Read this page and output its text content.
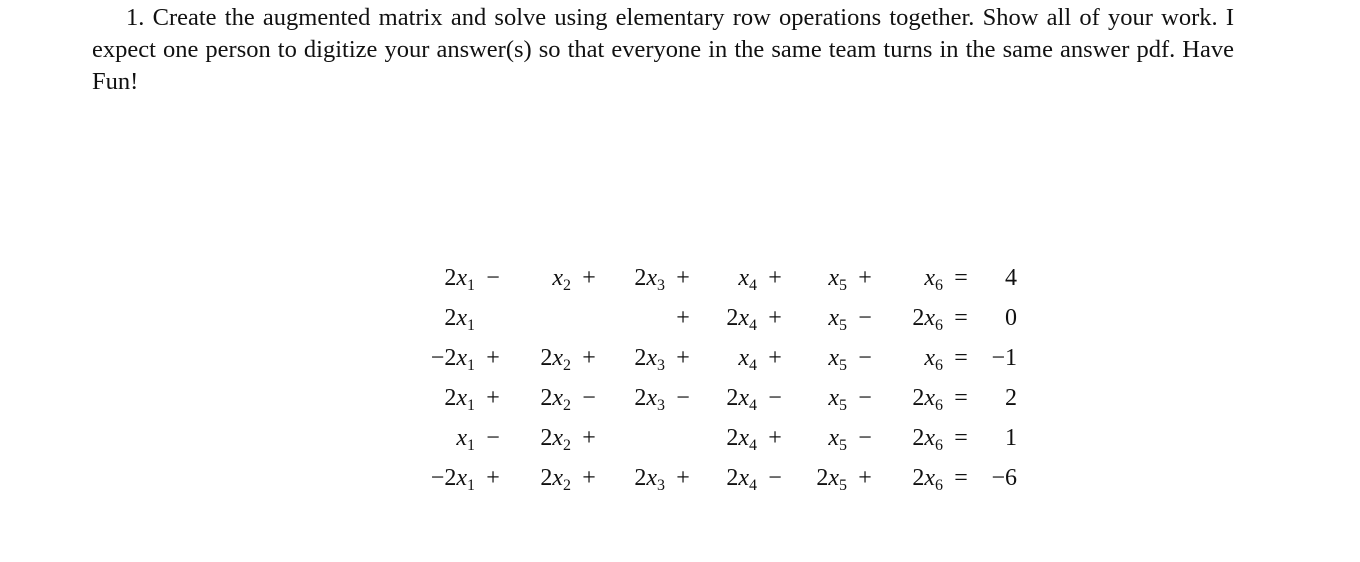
1. Create the augmented matrix and solve using elementary row operations together. Show all of your work. I expect one person to digitize your answer(s) so that everyone in the same team turns in the same answer pdf. Have Fun!
$2x_1$	−	$x_2$	+	$2x_3$	+	$x_4$	+	$x_5$	+	$x_6$	=	4
$2x_1$					+	$2x_4$	+	$x_5$	−	$2x_6$	=	0
$-2x_1$	+	$2x_2$	+	$2x_3$	+	$x_4$	+	$x_5$	−	$x_6$	=	−1
$2x_1$	+	$2x_2$	−	$2x_3$	−	$2x_4$	−	$x_5$	−	$2x_6$	=	2
$x_1$	−	$2x_2$	+			$2x_4$	+	$x_5$	−	$2x_6$	=	1
$-2x_1$	+	$2x_2$	+	$2x_3$	+	$2x_4$	−	$2x_5$	+	$2x_6$	=	−6
